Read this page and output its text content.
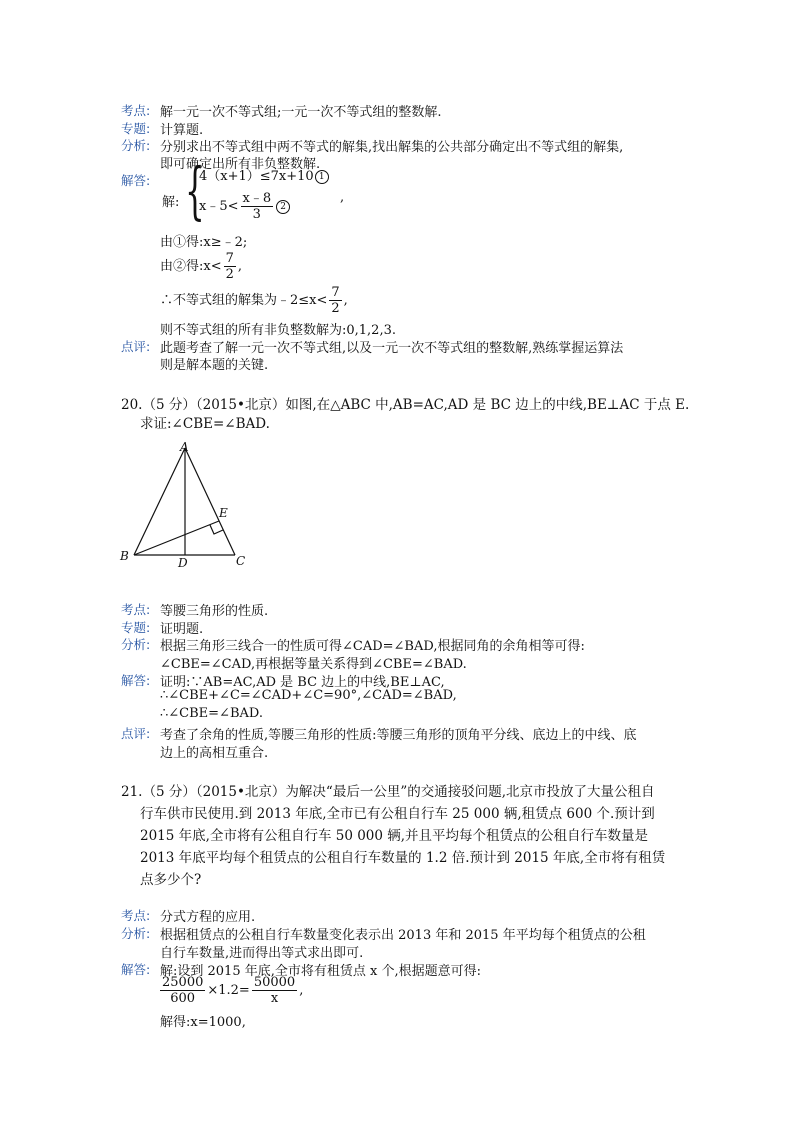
考点: 解一元一次不等式组;一元一次不等式组的整数解.
专题: 计算题.
分析: 分别求出不等式组中两不等式的解集,找出解集的公共部分确定出不等式组的解集,
即可确定出所有非负整数解.
解答:
解: {
4（x+1）≤7x+10 1
x﹣5< $\frac{x﹣8}{3} 2$
,
由①得:x≥﹣2;
由②得:x< $\frac{7}{2}$ ,
∴不等式组的解集为﹣2≤x< $\frac{7}{2}$ ,
则不等式组的所有非负整数解为:0,1,2,3.
点评: 此题考查了解一元一次不等式组,以及一元一次不等式组的整数解,熟练掌握运算法
则是解本题的关键.
20.（5 分）（2015•北京）如图,在△ABC 中,AB=AC,AD 是 BC 边上的中线,BE⊥AC 于点 E.
求证:∠CBE=∠BAD.
A
B	C
D
E
考点: 等腰三角形的性质.
专题: 证明题.
分析: 根据三角形三线合一的性质可得∠CAD=∠BAD,根据同角的余角相等可得:
∠CBE=∠CAD,再根据等量关系得到∠CBE=∠BAD.
解答: 证明:∵AB=AC,AD 是 BC 边上的中线,BE⊥AC,
∴∠CBE+∠C=∠CAD+∠C=90°,∠CAD=∠BAD,
∴∠CBE=∠BAD.
点评: 考查了余角的性质,等腰三角形的性质:等腰三角形的顶角平分线、底边上的中线、底
边上的高相互重合.
21.（5 分）（2015•北京）为解决“最后一公里”的交通接驳问题,北京市投放了大量公租自
行车供市民使用.到 2013 年底,全市已有公租自行车 25 000 辆,租赁点 600 个.预计到
2015 年底,全市将有公租自行车 50 000 辆,并且平均每个租赁点的公租自行车数量是
2013 年底平均每个租赁点的公租自行车数量的 1.2 倍.预计到 2015 年底,全市将有租赁
点多少个?
考点: 分式方程的应用.
分析: 根据租赁点的公租自行车数量变化表示出 2013 年和 2015 年平均每个租赁点的公租
自行车数量,进而得出等式求出即可.
解答: 解:设到 2015 年底,全市将有租赁点 x 个,根据题意可得:
$\frac{25000}{600} \times 1.2= \frac{50000}{x}$ ,
解得:x=1000,
